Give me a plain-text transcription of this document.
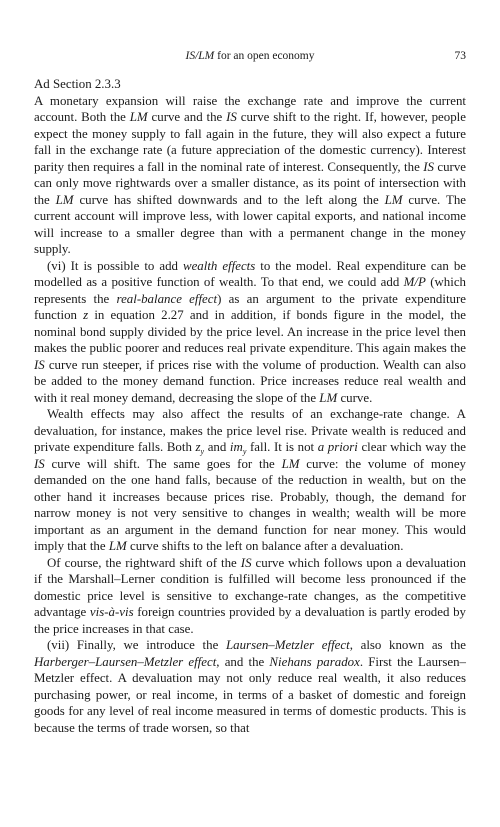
IS/LM for an open economy	73

Ad Section 2.3.3

A monetary expansion will raise the exchange rate and improve the current account. Both the LM curve and the IS curve shift to the right. If, however, people expect the money supply to fall again in the future, they will also expect a future fall in the exchange rate (a future appreciation of the domestic currency). Interest parity then requires a fall in the nominal rate of interest. Consequently, the IS curve can only move rightwards over a smaller distance, as its point of intersection with the LM curve has shifted downwards and to the left along the LM curve. The current account will improve less, with lower capital exports, and national income will increase to a smaller degree than with a permanent change in the money supply.

(vi) It is possible to add wealth effects to the model. Real expenditure can be modelled as a positive function of wealth. To that end, we could add M/P (which represents the real-balance effect) as an argument to the private expenditure function z in equation 2.27 and in addition, if bonds figure in the model, the nominal bond supply divided by the price level. An increase in the price level then makes the public poorer and reduces real private expenditure. This again makes the IS curve run steeper, if prices rise with the volume of production. Wealth can also be added to the money demand function. Price increases reduce real wealth and with it real money demand, decreasing the slope of the LM curve.

Wealth effects may also affect the results of an exchange-rate change. A devaluation, for instance, makes the price level rise. Private wealth is reduced and private expenditure falls. Both $z_y$ and $im_y$ fall. It is not a priori clear which way the IS curve will shift. The same goes for the LM curve: the volume of money demanded on the one hand falls, because of the reduction in wealth, but on the other hand it increases because prices rise. Probably, though, the demand for narrow money is not very sensitive to changes in wealth; wealth will be more important as an argument in the demand function for near money. This would imply that the LM curve shifts to the left on balance after a devaluation.

Of course, the rightward shift of the IS curve which follows upon a devaluation if the Marshall–Lerner condition is fulfilled will become less pronounced if the domestic price level is sensitive to exchange-rate changes, as the competitive advantage vis-à-vis foreign countries provided by a devaluation is partly eroded by the price increases in that case.

(vii) Finally, we introduce the Laursen–Metzler effect, also known as the Harberger–Laursen–Metzler effect, and the Niehans paradox. First the Laursen–Metzler effect. A devaluation may not only reduce real wealth, it also reduces purchasing power, or real income, in terms of a basket of domestic and foreign goods for any level of real income measured in terms of domestic products. This is because the terms of trade worsen, so that
